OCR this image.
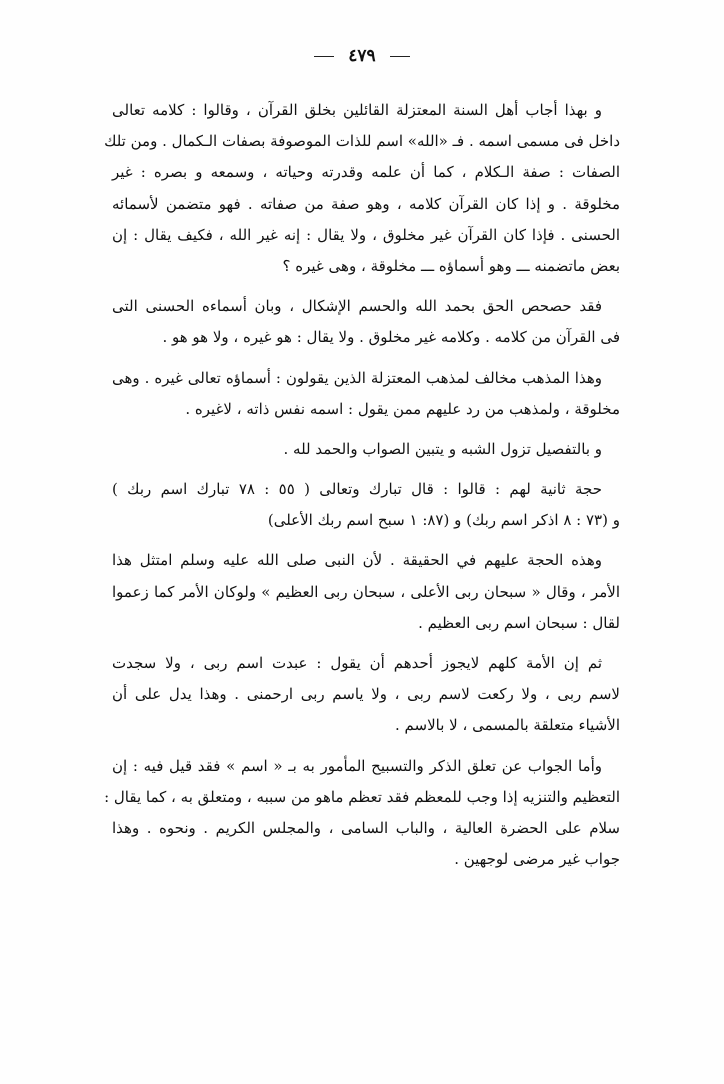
٤٧٩
و بهذا أجاب أهل السنة المعتزلة القائلين بخلق القرآن ، وقالوا : كلامه تعالى
داخل فى مسمى اسمه . فـ «الله» اسم للذات الموصوفة بصفات الـكمال . ومن تلك
الصفات : صفة الـكلام ، كما أن علمه وقدرته وحياته ، وسمعه و بصره : غير
مخلوقة . و إذا كان القرآن كلامه ، وهو صفة من صفاته . فهو متضمن لأسمائه
الحسنى . فإذا كان القرآن غير مخلوق ، ولا يقال : إنه غير الله ، فكيف يقال : إن
بعض ماتضمنه ـــ وهو أسماؤه ـــ مخلوقة ، وهى غيره ؟
فقد حصحص الحق بحمد الله والحسم الإشكال ، وبان أسماءه الحسنى التى
فى القرآن من كلامه . وكلامه غير مخلوق . ولا يقال : هو غيره ، ولا هو هو .
وهذا المذهب مخالف لمذهب المعتزلة الذين يقولون : أسماؤه تعالى غيره . وهى
مخلوقة ، ولمذهب من رد عليهم ممن يقول : اسمه نفس ذاته ، لاغيره .
و بالتفصيل تزول الشبه و يتبين الصواب والحمد لله .
حجة ثانية لهم : قالوا : قال تبارك وتعالى ( ٥٥ : ٧٨ تبارك اسم ربك )
و (٧٣ : ٨ اذكر اسم ربك) و (٨٧: ١ سبح اسم ربك الأعلى)
وهذه الحجة عليهم في الحقيقة . لأن النبى صلى الله عليه وسلم امتثل هذا
الأمر ، وقال « سبحان ربى الأعلى ، سبحان ربى العظيم » ولوكان الأمر كما زعموا
لقال : سبحان اسم ربى العظيم .
ثم إن الأمة كلهم لايجوز أحدهم أن يقول : عبدت اسم ربى ، ولا سجدت
لاسم ربى ، ولا ركعت لاسم ربى ، ولا ياسم ربى ارحمنى . وهذا يدل على أن
الأشياء متعلقة بالمسمى ، لا بالاسم .
وأما الجواب عن تعلق الذكر والتسبيح المأمور به بـ « اسم » فقد قيل فيه : إن
التعظيم والتنزيه إذا وجب للمعظم فقد تعظم ماهو من سببه ، ومتعلق به ، كما يقال :
سلام على الحضرة العالية ، والباب السامى ، والمجلس الكريم . ونحوه . وهذا
جواب غير مرضى لوجهين .
